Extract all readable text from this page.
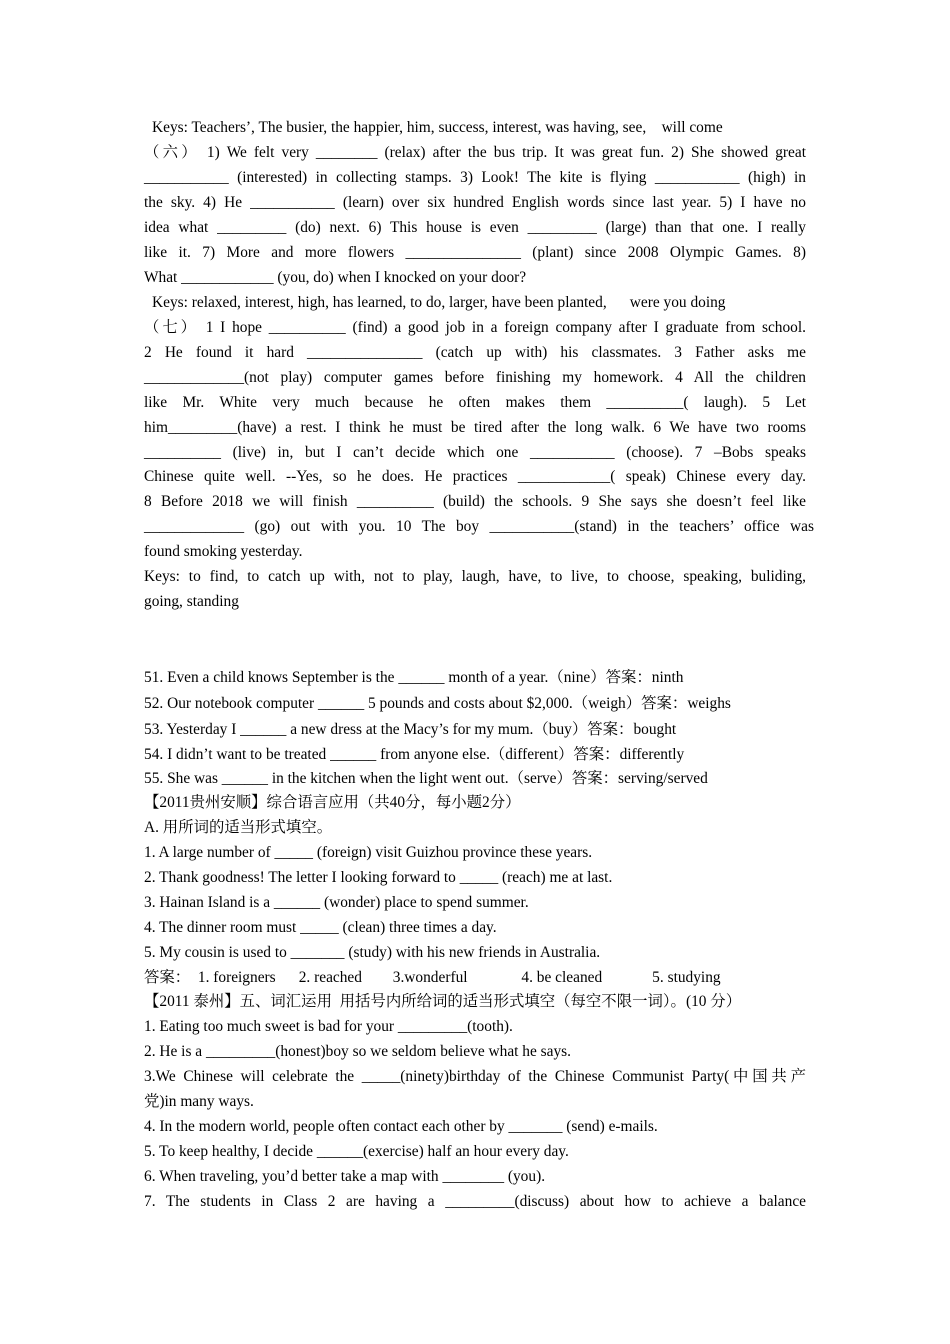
Keys: Teachers’, The busier, the happier, him, success, interest, was having, see,    will come
（六） 1) We felt very ________ (relax) after the bus trip. It was great fun. 2) She showed great
___________ (interested) in collecting stamps. 3) Look! The kite is flying ___________ (high) in
the sky. 4) He ___________ (learn) over six hundred English words since last year. 5) I have no
idea what _________ (do) next. 6) This house is even _________ (large) than that one. I really
like it. 7) More and more flowers _______________ (plant) since 2008 Olympic Games. 8)
What ____________ (you, do) when I knocked on your door?
Keys: relaxed, interest, high, has learned, to do, larger, have been planted,      were you doing
（七） 1 I hope __________ (find) a good job in a foreign company after I graduate from school.
2 He found it hard _______________ (catch up with) his classmates. 3 Father asks me
_____________(not play) computer games before finishing my homework. 4 All the children
like Mr. White very much because he often makes them __________( laugh). 5 Let
him_________(have) a rest. I think he must be tired after the long walk. 6 We have two rooms
__________ (live) in, but I can’t decide which one ___________ (choose). 7 –Bobs speaks
Chinese quite well. --Yes, so he does. He practices ____________( speak) Chinese every day.
8 Before 2018 we will finish __________ (build) the schools. 9 She says she doesn’t feel like
_____________ (go) out with you. 10 The boy ___________(stand) in the teachers’ office was
found smoking yesterday.
Keys: to find, to catch up with, not to play, laugh, have, to live, to choose, speaking, buliding,
going, standing
51. Even a child knows September is the ______ month of a year.（nine）答案：ninth
52. Our notebook computer ______ 5 pounds and costs about $2,000.（weigh）答案：weighs
53. Yesterday I ______ a new dress at the Macy’s for my mum.（buy）答案：bought
54. I didn’t want to be treated ______ from anyone else.（different）答案：differently
55. She was ______ in the kitchen when the light went out.（serve）答案：serving/served
【2011贵州安顺】综合语言应用（共40分，每小题2分）
A. 用所词的适当形式填空。
1. A large number of _____ (foreign) visit Guizhou province these years.
2. Thank goodness! The letter I looking forward to _____ (reach) me at last.
3. Hainan Island is a ______ (wonder) place to spend summer.
4. The dinner room must _____ (clean) three times a day.
5. My cousin is used to _______ (study) with his new friends in Australia.
答案：  1. foreigners      2. reached        3.wonderful              4. be cleaned             5. studying
【2011 泰州】五、词汇运用  用括号内所给词的适当形式填空（每空不限一词）。(10 分）
1. Eating too much sweet is bad for your _________(tooth).
2. He is a _________(honest)boy so we seldom believe what he says.
3.We Chinese will celebrate the _____(ninety)birthday of the Chinese Communist Party(中国共产
党)in many ways.
4. In the modern world, people often contact each other by _______ (send) e-mails.
5. To keep healthy, I decide ______(exercise) half an hour every day.
6. When traveling, you’d better take a map with ________ (you).
7. The students in Class 2 are having a _________(discuss) about how to achieve a balance
